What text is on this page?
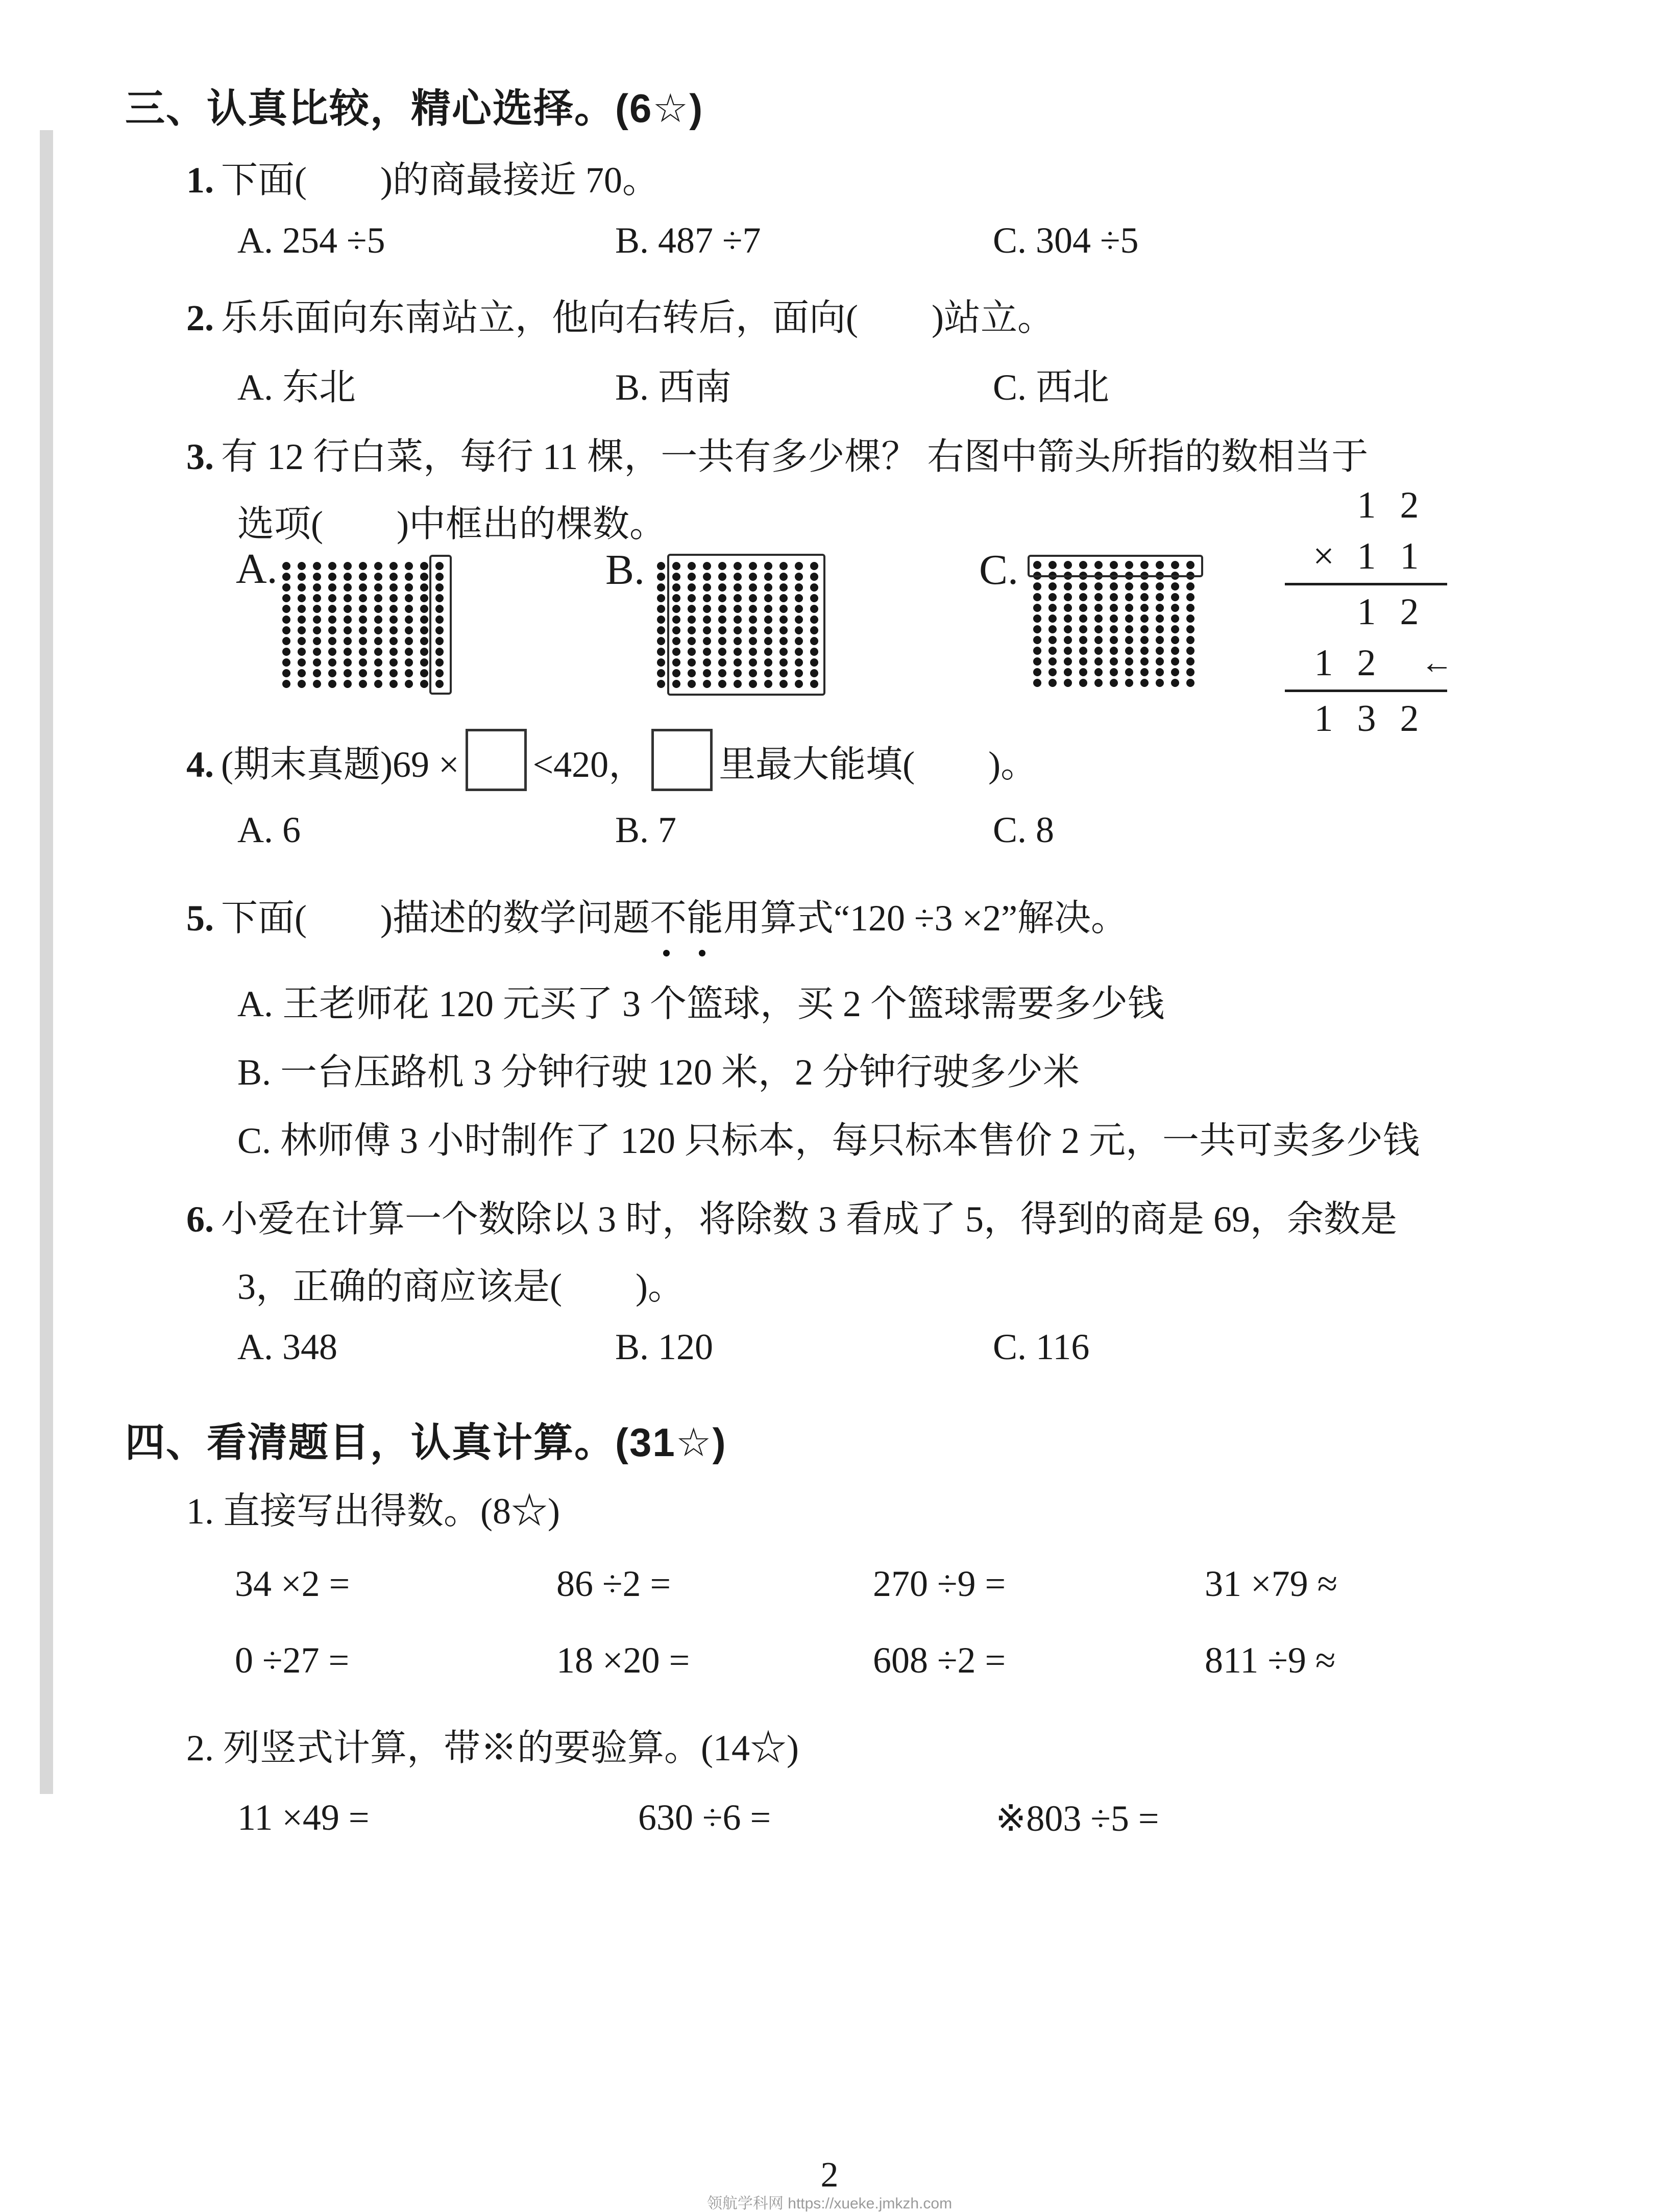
三、认真比较，精心选择。(6☆)
1. 下面(　　)的商最接近 70。
A. 254 ÷5	B. 487 ÷7	C. 304 ÷5
2. 乐乐面向东南站立，他向右转后，面向(　　)站立。
A. 东北	B. 西南	C. 西北
3. 有 12 行白菜，每行 11 棵，一共有多少棵？ 右图中箭头所指的数相当于
选项(　　)中框出的棵数。
A.	B.	C.
1 2
× 1 1
1 2
1 2	←
1 3 2
4. (期末真题)69 × <420， 里最大能填(　　)。
A. 6	B. 7	C. 8
5. 下面(　　)描述的数学问题不能用算式“120 ÷3 ×2”解决。
A. 王老师花 120 元买了 3 个篮球，买 2 个篮球需要多少钱
B. 一台压路机 3 分钟行驶 120 米，2 分钟行驶多少米
C. 林师傅 3 小时制作了 120 只标本，每只标本售价 2 元，一共可卖多少钱
6. 小爱在计算一个数除以 3 时，将除数 3 看成了 5，得到的商是 69，余数是
3，正确的商应该是(　　)。
A. 348	B. 120	C. 116
四、看清题目，认真计算。(31☆)
1. 直接写出得数。(8☆)
34 ×2 =	86 ÷2 =	270 ÷9 =	31 ×79 ≈
0 ÷27 =	18 ×20 =	608 ÷2 =	811 ÷9 ≈
2. 列竖式计算，带※的要验算。(14☆)
11 ×49 =	630 ÷6 =	※803 ÷5 =
2
领航学科网 https://xueke.jmkzh.com
